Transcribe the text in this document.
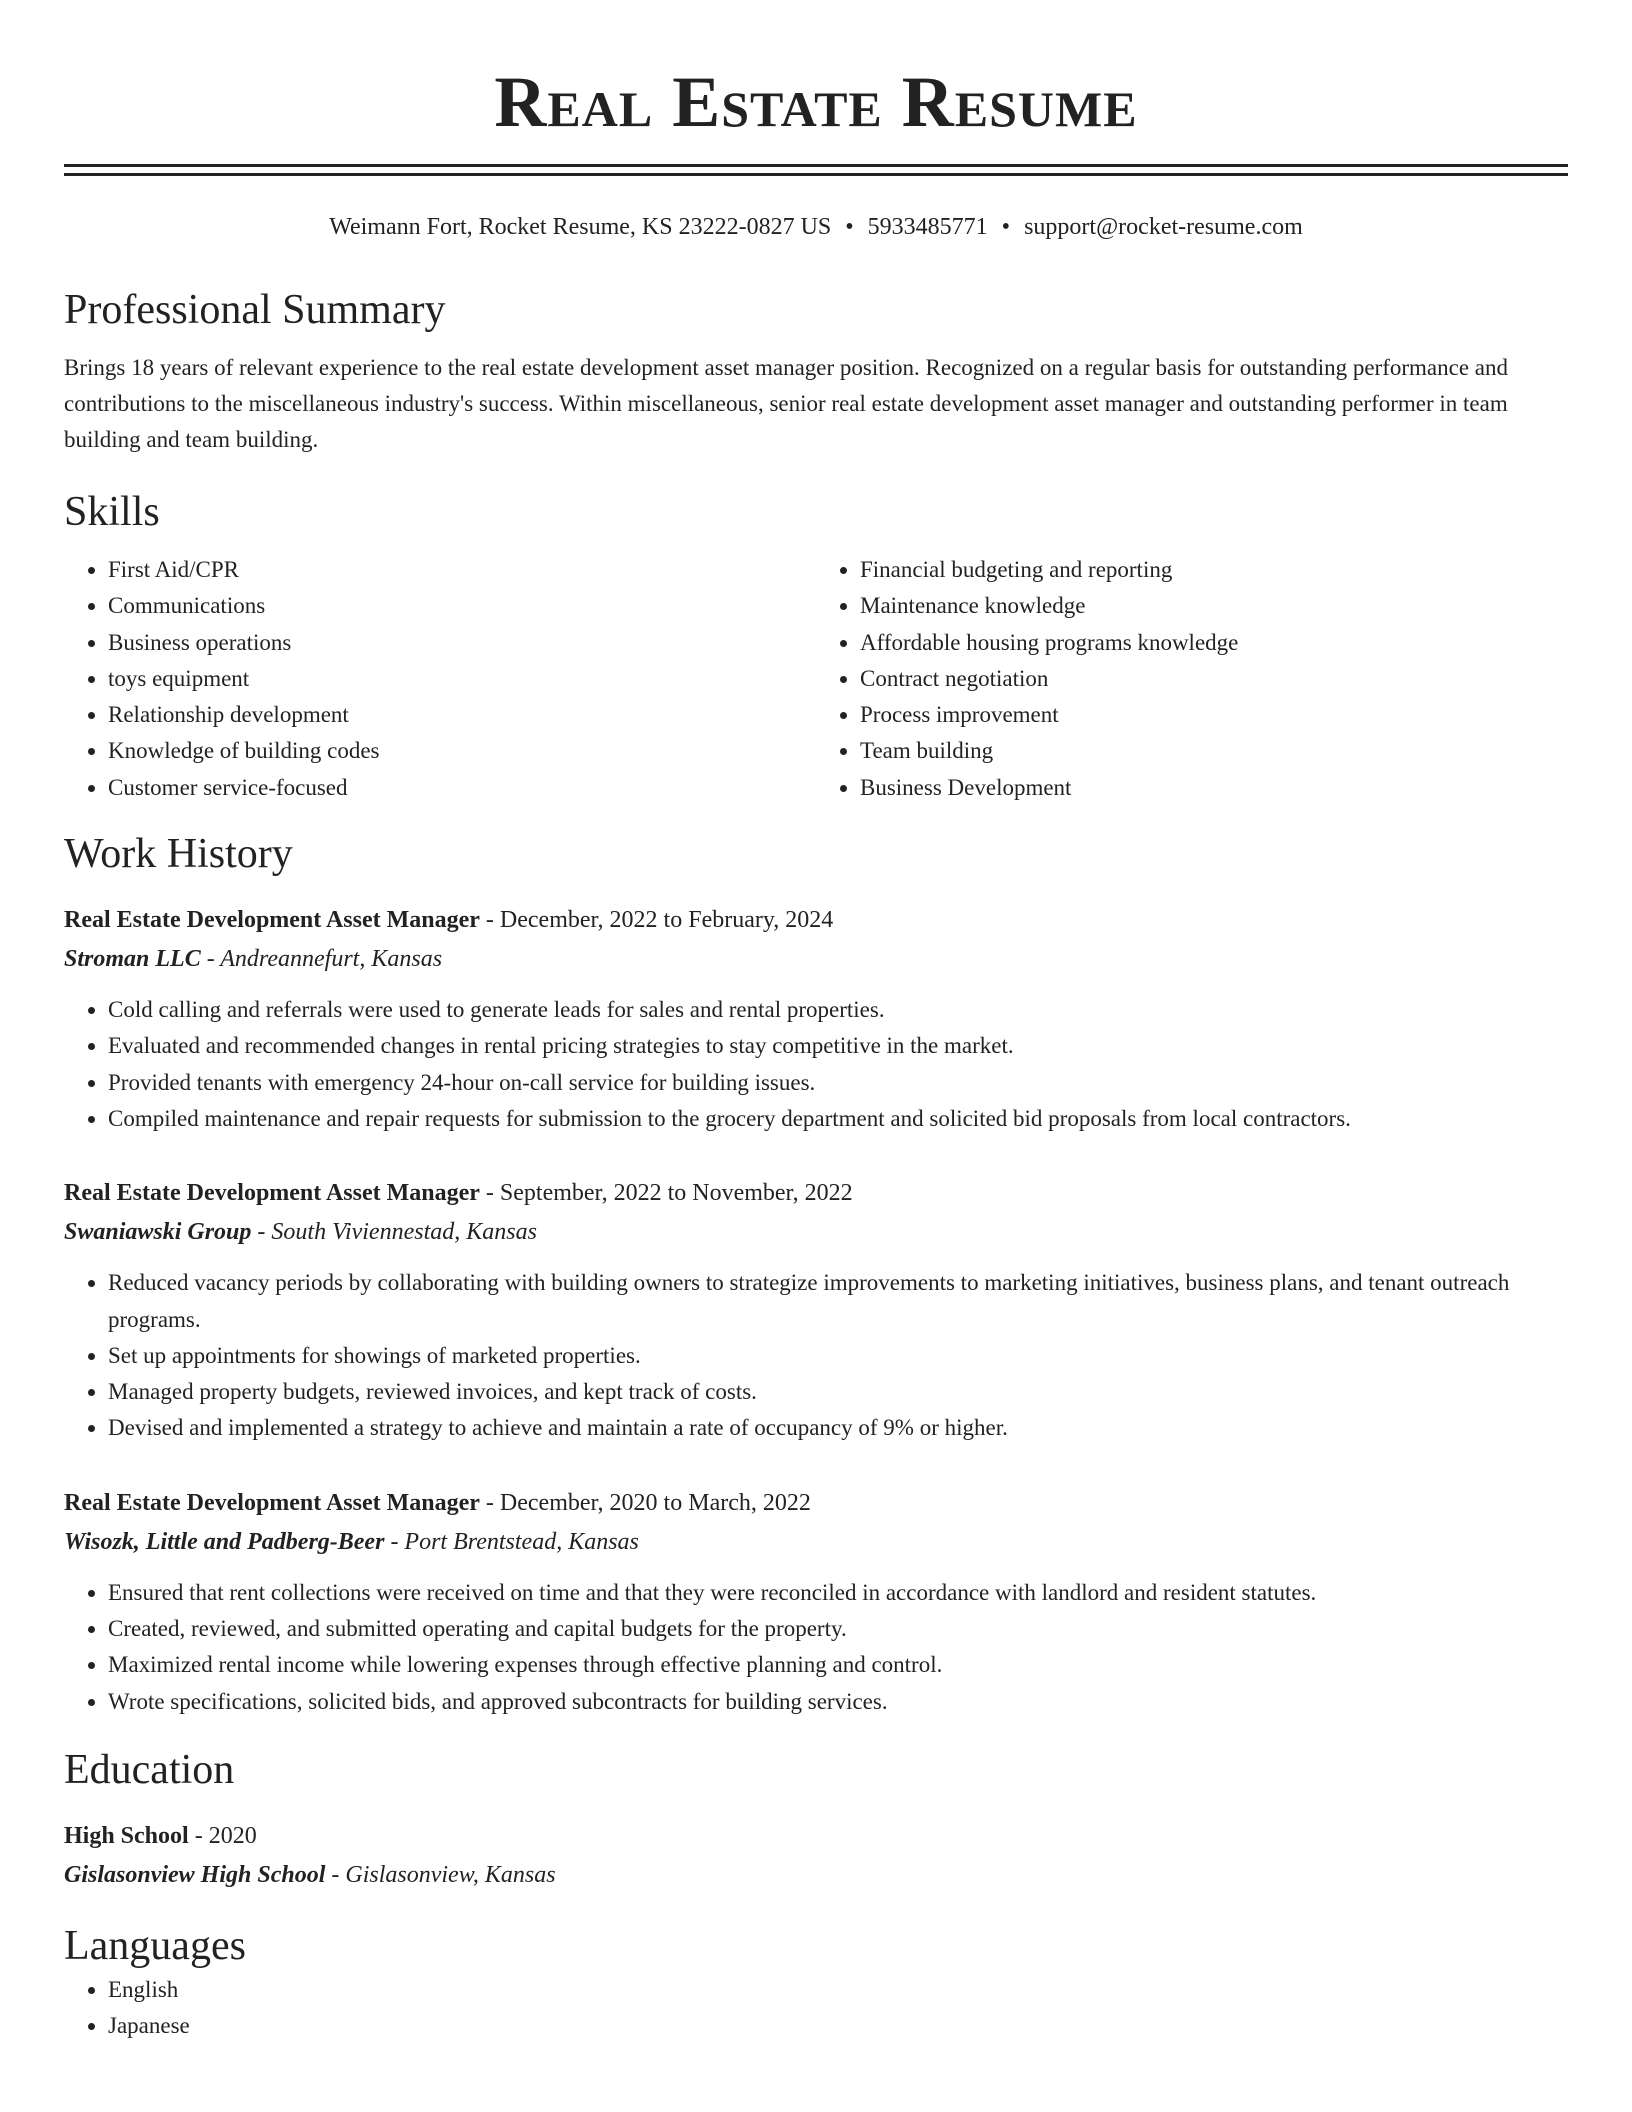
Real Estate Resume
Weimann Fort, Rocket Resume, KS 23222-0827 US • 5933485771 • support@rocket-resume.com
Professional Summary
Brings 18 years of relevant experience to the real estate development asset manager position. Recognized on a regular basis for outstanding performance and contributions to the miscellaneous industry's success. Within miscellaneous, senior real estate development asset manager and outstanding performer in team building and team building.
Skills
• First Aid/CPR
• Communications
• Business operations
• toys equipment
• Relationship development
• Knowledge of building codes
• Customer service-focused
• Financial budgeting and reporting
• Maintenance knowledge
• Affordable housing programs knowledge
• Contract negotiation
• Process improvement
• Team building
• Business Development
Work History
Real Estate Development Asset Manager - December, 2022 to February, 2024
Stroman LLC - Andreannefurt, Kansas
• Cold calling and referrals were used to generate leads for sales and rental properties.
• Evaluated and recommended changes in rental pricing strategies to stay competitive in the market.
• Provided tenants with emergency 24-hour on-call service for building issues.
• Compiled maintenance and repair requests for submission to the grocery department and solicited bid proposals from local contractors.
Real Estate Development Asset Manager - September, 2022 to November, 2022
Swaniawski Group - South Viviennestad, Kansas
• Reduced vacancy periods by collaborating with building owners to strategize improvements to marketing initiatives, business plans, and tenant outreach programs.
• Set up appointments for showings of marketed properties.
• Managed property budgets, reviewed invoices, and kept track of costs.
• Devised and implemented a strategy to achieve and maintain a rate of occupancy of 9% or higher.
Real Estate Development Asset Manager - December, 2020 to March, 2022
Wisozk, Little and Padberg-Beer - Port Brentstead, Kansas
• Ensured that rent collections were received on time and that they were reconciled in accordance with landlord and resident statutes.
• Created, reviewed, and submitted operating and capital budgets for the property.
• Maximized rental income while lowering expenses through effective planning and control.
• Wrote specifications, solicited bids, and approved subcontracts for building services.
Education
High School - 2020
Gislasonview High School - Gislasonview, Kansas
Languages
• English
• Japanese
